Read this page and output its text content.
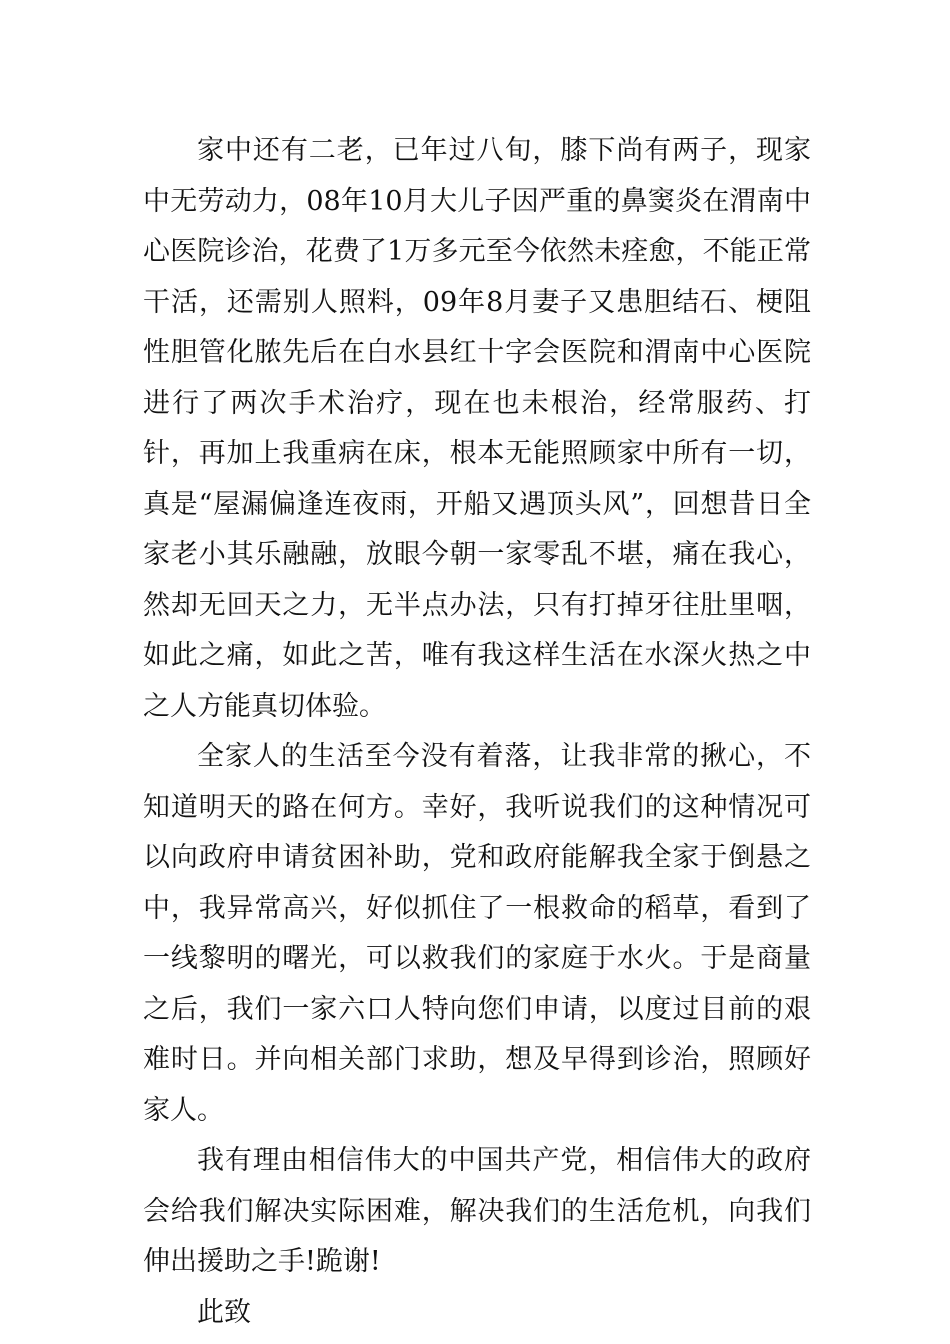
家中还有二老，已年过八旬，膝下尚有两子，现家中无劳动力，08年10月大儿子因严重的鼻窦炎在渭南中心医院诊治，花费了1万多元至今依然未痊愈，不能正常干活，还需别人照料，09年8月妻子又患胆结石、梗阻性胆管化脓先后在白水县红十字会医院和渭南中心医院进行了两次手术治疗，现在也未根治，经常服药、打针，再加上我重病在床，根本无能照顾家中所有一切，真是“屋漏偏逢连夜雨，开船又遇顶头风”，回想昔日全家老小其乐融融，放眼今朝一家零乱不堪，痛在我心，然却无回天之力，无半点办法，只有打掉牙往肚里咽，如此之痛，如此之苦，唯有我这样生活在水深火热之中之人方能真切体验。

全家人的生活至今没有着落，让我非常的揪心，不知道明天的路在何方。幸好，我听说我们的这种情况可以向政府申请贫困补助，党和政府能解我全家于倒悬之中，我异常高兴，好似抓住了一根救命的稻草，看到了一线黎明的曙光，可以救我们的家庭于水火。于是商量之后，我们一家六口人特向您们申请，以度过目前的艰难时日。并向相关部门求助，想及早得到诊治，照顾好家人。

我有理由相信伟大的中国共产党，相信伟大的政府会给我们解决实际困难，解决我们的生活危机，向我们伸出援助之手!跪谢!

此致
